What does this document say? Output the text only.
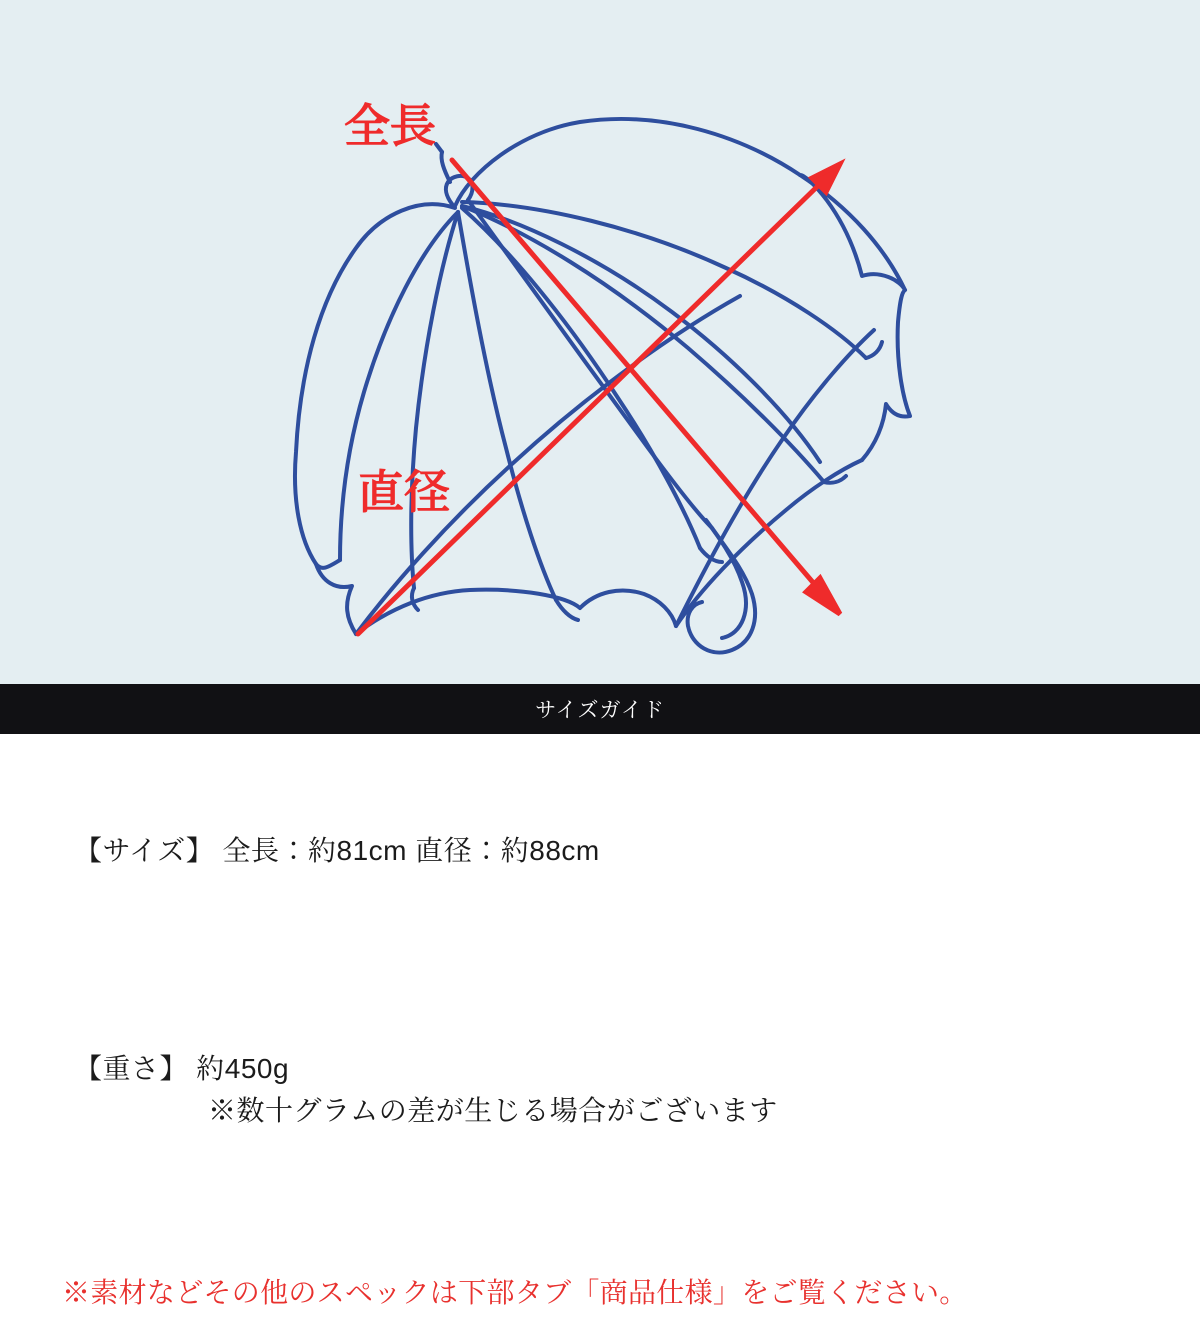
全長
直径
サイズガイド
【サイズ】 全長：約81cm 直径：約88cm
【重さ】 約450g
※数十グラムの差が生じる場合がございます
※素材などその他のスペックは下部タブ「商品仕様」をご覧ください。
